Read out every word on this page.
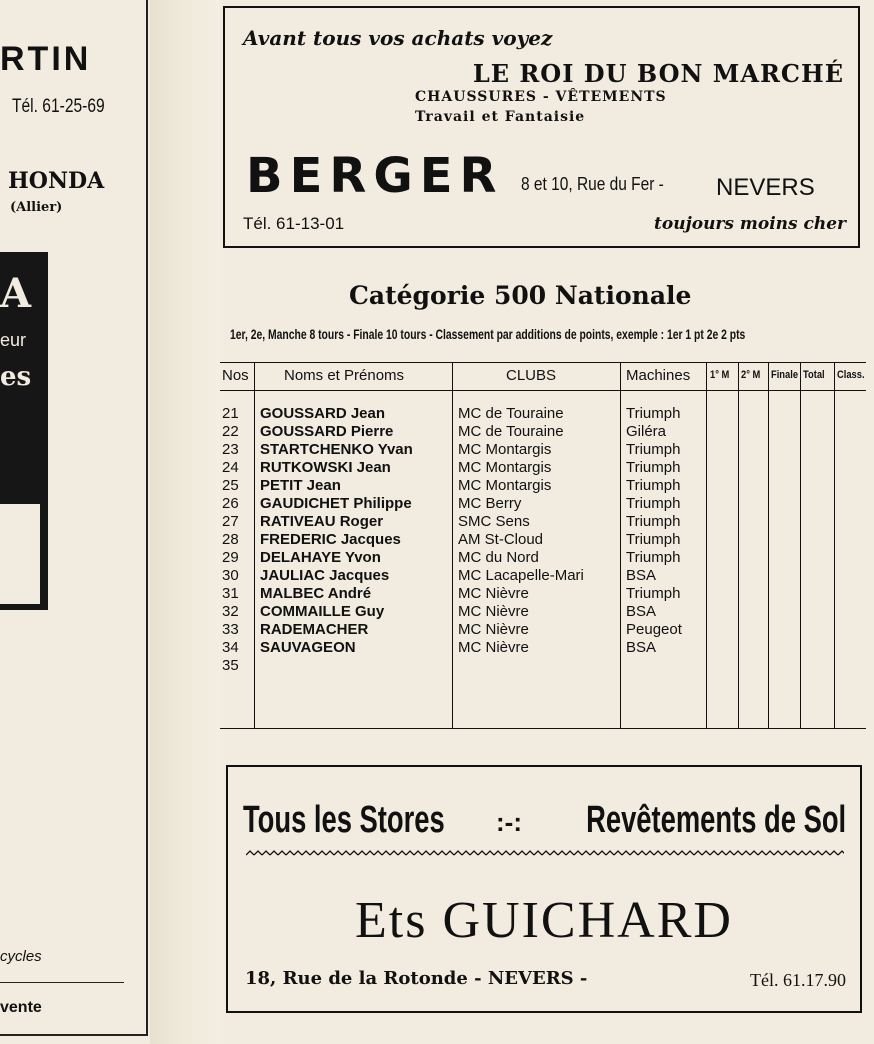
RTIN
Tél. 61-25-69
HONDA
(Allier)
A
eur
es
cycles
vente
Avant tous vos achats voyez
LE ROI DU BON MARCHÉ
CHAUSSURES - VÊTEMENTS
Travail et Fantaisie
BERGER 8 et 10, Rue du Fer - NEVERS
Tél. 61-13-01	toujours moins cher
Catégorie 500 Nationale
1er, 2e, Manche 8 tours - Finale 10 tours - Classement par additions de points, exemple : 1er 1 pt 2e 2 pts
Nos Noms et Prénoms	CLUBS	Machines 1° M 2° M Finale Total Class.
21 GOUSSARD Jean	MC de Touraine	Triumph
22 GOUSSARD Pierre	MC de Touraine	Giléra
23 STARTCHENKO Yvan	MC Montargis	Triumph
24 RUTKOWSKI Jean	MC Montargis	Triumph
25 PETIT Jean	MC Montargis	Triumph
26 GAUDICHET Philippe	MC Berry	Triumph
27 RATIVEAU Roger	SMC Sens	Triumph
28 FREDERIC Jacques	AM St-Cloud	Triumph
29 DELAHAYE Yvon	MC du Nord	Triumph
30 JAULIAC Jacques	MC Lacapelle-Mari	BSA
31 MALBEC André	MC Nièvre	Triumph
32 COMMAILLE Guy	MC Nièvre	BSA
33 RADEMACHER	MC Nièvre	Peugeot
34 SAUVAGEON	MC Nièvre	BSA
35
Tous les Stores :-: Revêtements de Sol
Ets GUICHARD
18, Rue de la Rotonde - NEVERS -	Tél. 61.17.90
